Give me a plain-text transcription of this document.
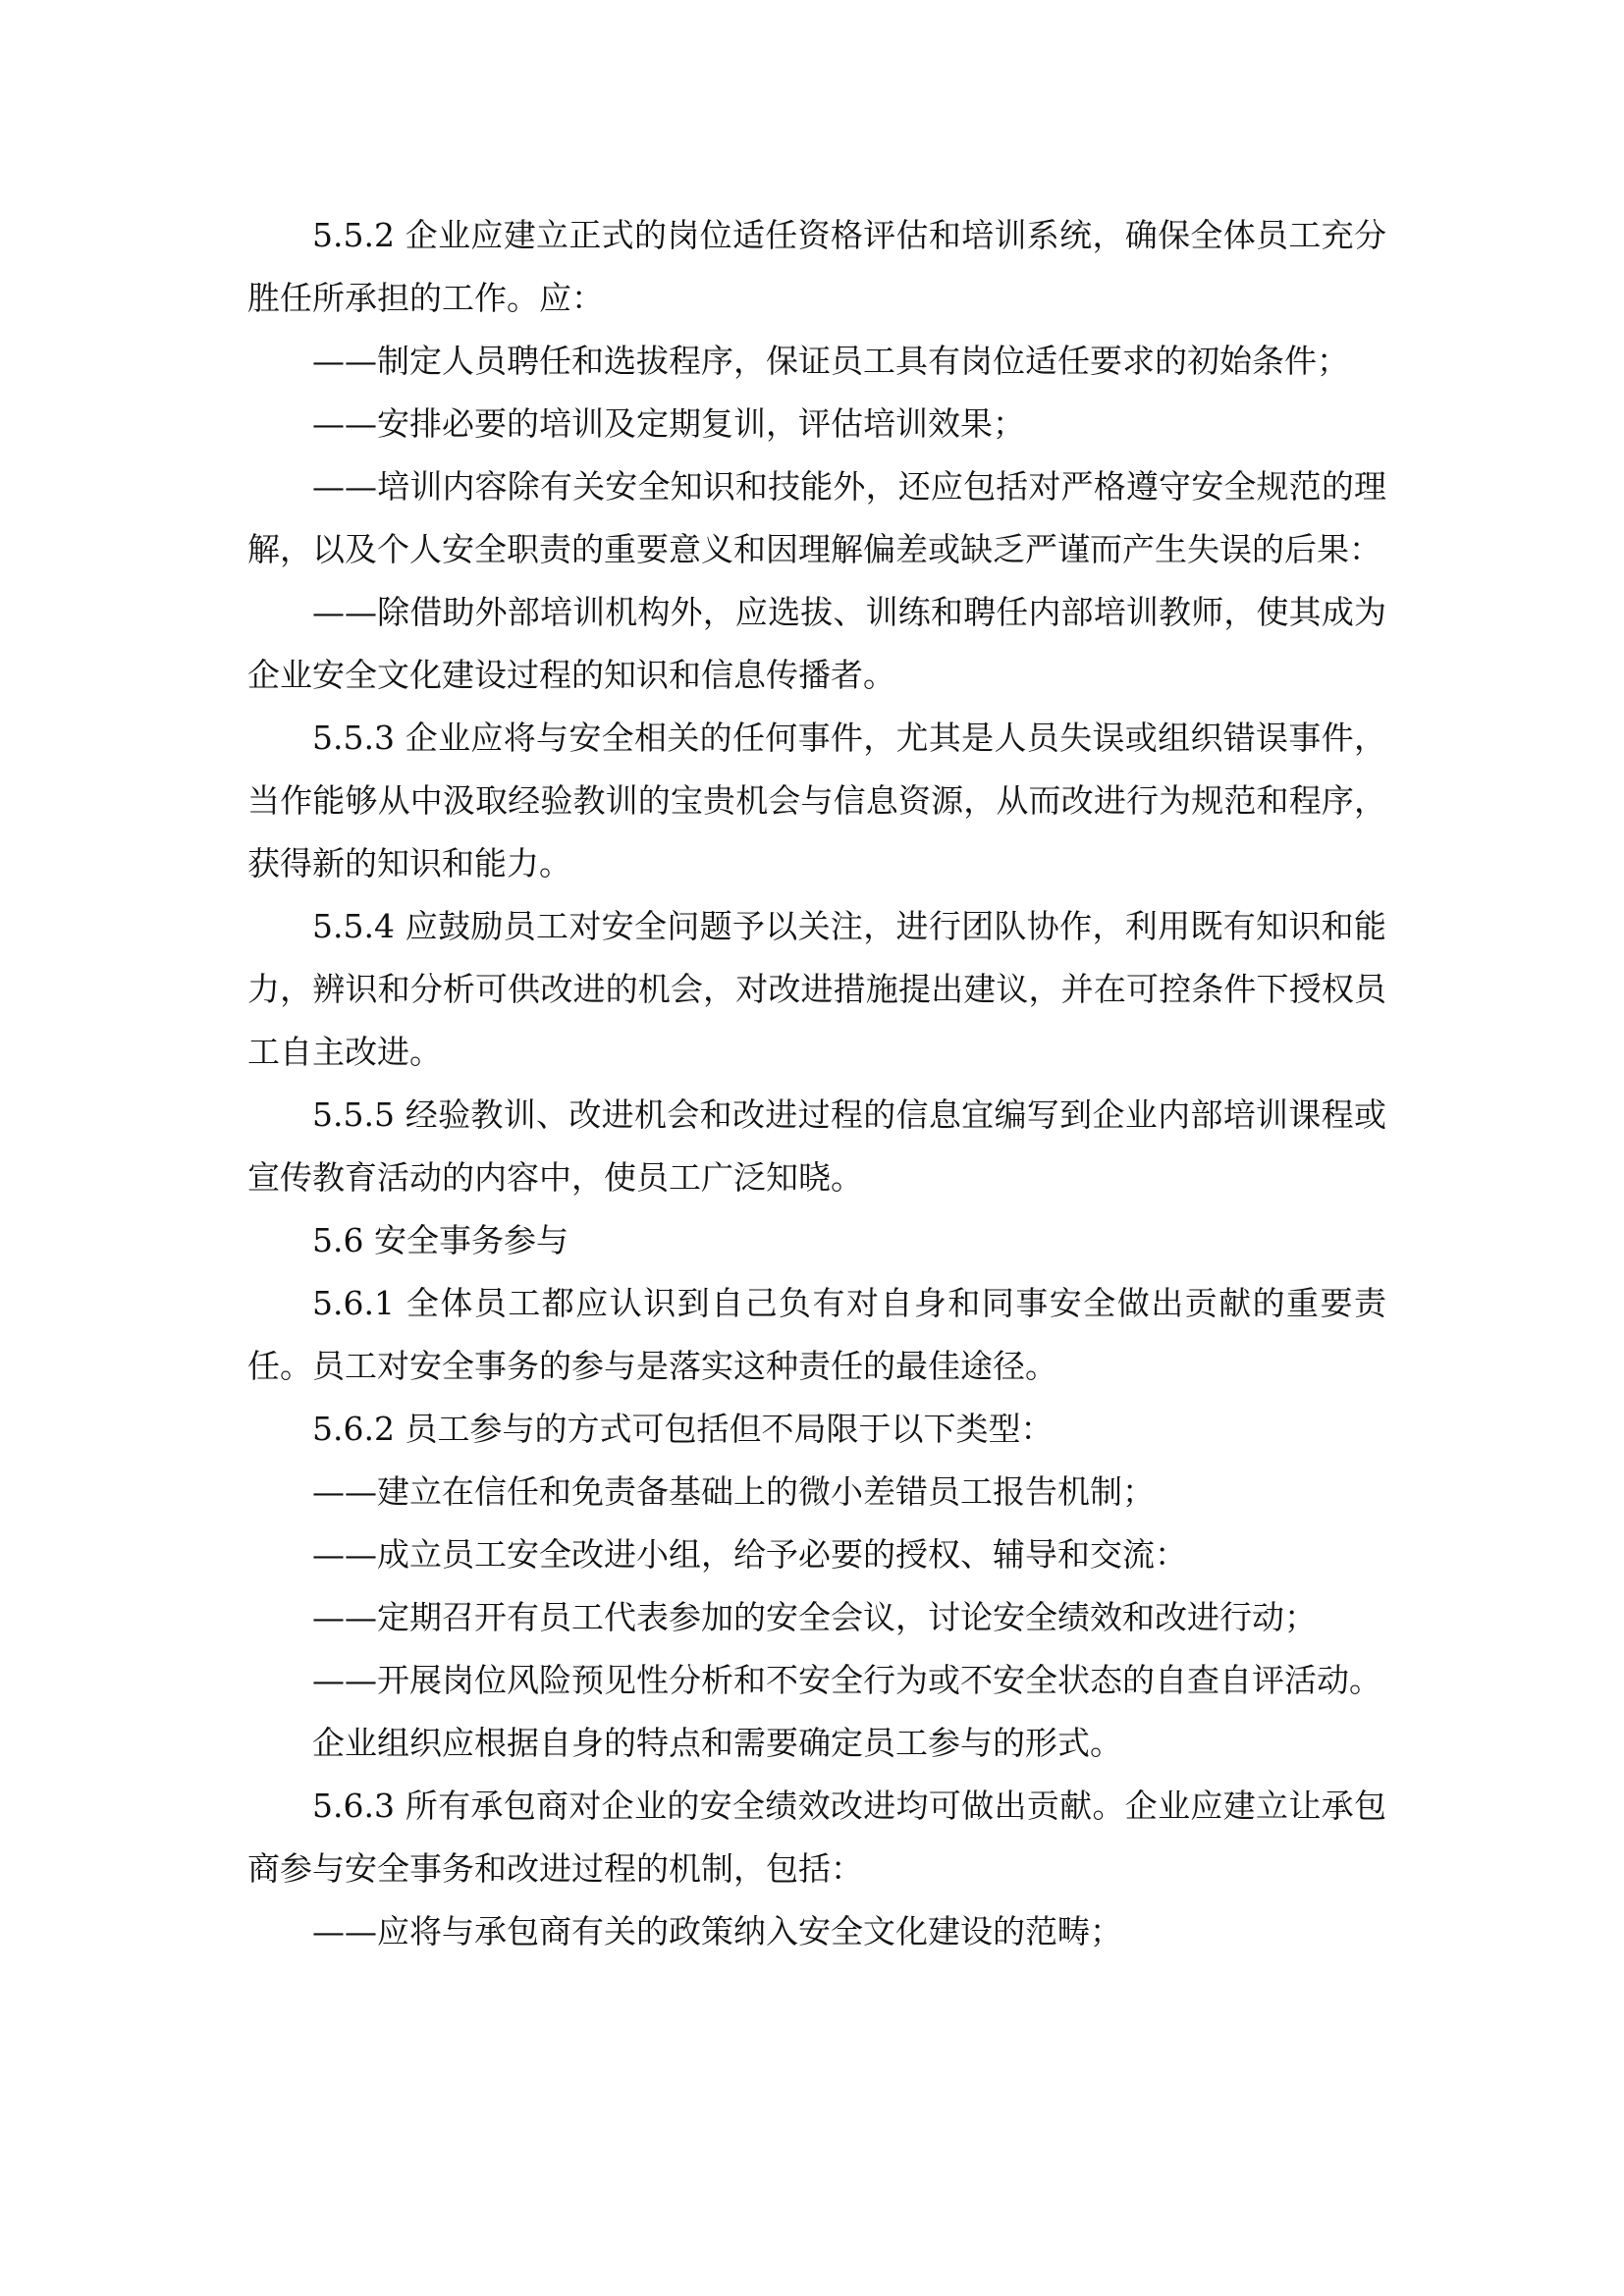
5.5.2 企业应建立正式的岗位适任资格评估和培训系统，确保全体员工充分胜任所承担的工作。应：

——制定人员聘任和选拔程序，保证员工具有岗位适任要求的初始条件；

——安排必要的培训及定期复训，评估培训效果；

——培训内容除有关安全知识和技能外，还应包括对严格遵守安全规范的理解，以及个人安全职责的重要意义和因理解偏差或缺乏严谨而产生失误的后果：

——除借助外部培训机构外，应选拔、训练和聘任内部培训教师，使其成为企业安全文化建设过程的知识和信息传播者。

5.5.3 企业应将与安全相关的任何事件，尤其是人员失误或组织错误事件，当作能够从中汲取经验教训的宝贵机会与信息资源，从而改进行为规范和程序，获得新的知识和能力。

5.5.4 应鼓励员工对安全问题予以关注，进行团队协作，利用既有知识和能力，辨识和分析可供改进的机会，对改进措施提出建议，并在可控条件下授权员工自主改进。

5.5.5 经验教训、改进机会和改进过程的信息宜编写到企业内部培训课程或宣传教育活动的内容中，使员工广泛知晓。

5.6 安全事务参与

5.6.1 全体员工都应认识到自己负有对自身和同事安全做出贡献的重要责任。员工对安全事务的参与是落实这种责任的最佳途径。

5.6.2 员工参与的方式可包括但不局限于以下类型：

——建立在信任和免责备基础上的微小差错员工报告机制；

——成立员工安全改进小组，给予必要的授权、辅导和交流：

——定期召开有员工代表参加的安全会议，讨论安全绩效和改进行动；

——开展岗位风险预见性分析和不安全行为或不安全状态的自查自评活动。

企业组织应根据自身的特点和需要确定员工参与的形式。

5.6.3 所有承包商对企业的安全绩效改进均可做出贡献。企业应建立让承包商参与安全事务和改进过程的机制，包括：

——应将与承包商有关的政策纳入安全文化建设的范畴；
